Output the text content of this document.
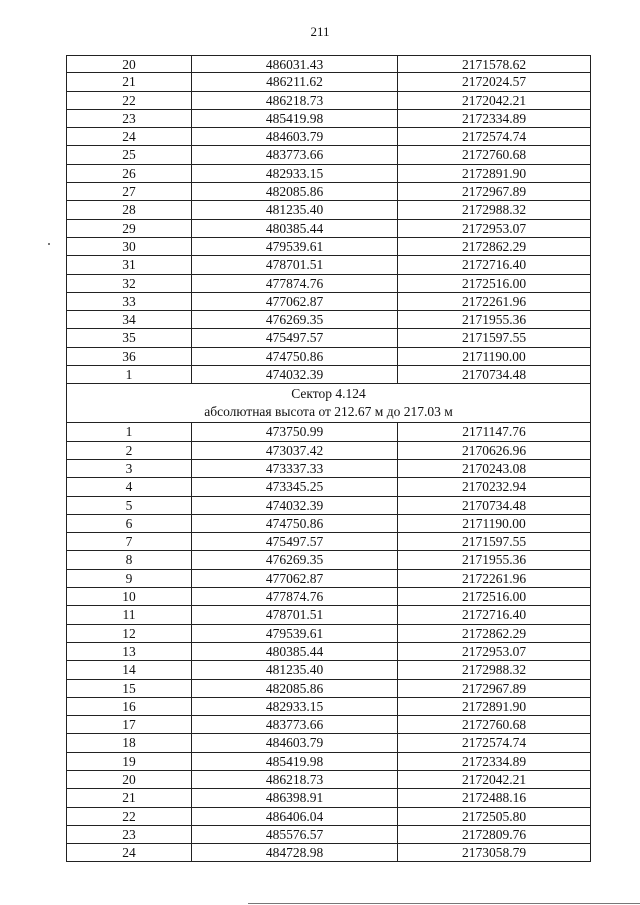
211
20	486031.43	2171578.62
21	486211.62	2172024.57
22	486218.73	2172042.21
23	485419.98	2172334.89
24	484603.79	2172574.74
25	483773.66	2172760.68
26	482933.15	2172891.90
27	482085.86	2172967.89
28	481235.40	2172988.32
29	480385.44	2172953.07
30	479539.61	2172862.29
31	478701.51	2172716.40
32	477874.76	2172516.00
33	477062.87	2172261.96
34	476269.35	2171955.36
35	475497.57	2171597.55
36	474750.86	2171190.00
1	474032.39	2170734.48
Сектор 4.124
абсолютная высота от 212.67 м до 217.03 м
1	473750.99	2171147.76
2	473037.42	2170626.96
3	473337.33	2170243.08
4	473345.25	2170232.94
5	474032.39	2170734.48
6	474750.86	2171190.00
7	475497.57	2171597.55
8	476269.35	2171955.36
9	477062.87	2172261.96
10	477874.76	2172516.00
11	478701.51	2172716.40
12	479539.61	2172862.29
13	480385.44	2172953.07
14	481235.40	2172988.32
15	482085.86	2172967.89
16	482933.15	2172891.90
17	483773.66	2172760.68
18	484603.79	2172574.74
19	485419.98	2172334.89
20	486218.73	2172042.21
21	486398.91	2172488.16
22	486406.04	2172505.80
23	485576.57	2172809.76
24	484728.98	2173058.79
